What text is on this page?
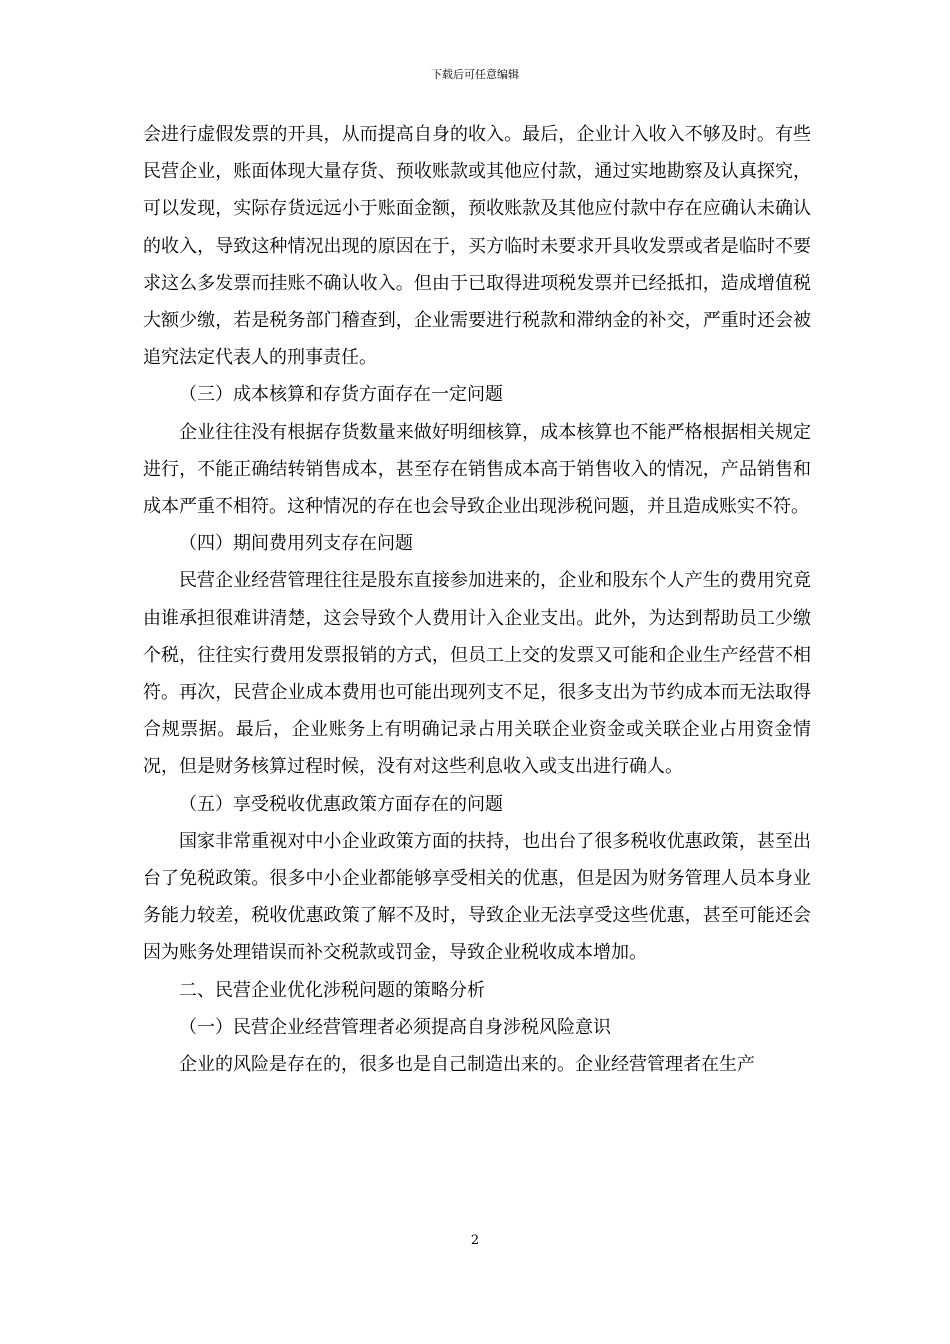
下载后可任意编辑

会进行虚假发票的开具，从而提高自身的收入。最后，企业计入收入不够及时。有些民营企业，账面体现大量存货、预收账款或其他应付款，通过实地勘察及认真探究，可以发现，实际存货远远小于账面金额，预收账款及其他应付款中存在应确认未确认的收入，导致这种情况出现的原因在于，买方临时未要求开具收发票或者是临时不要求这么多发票而挂账不确认收入。但由于已取得进项税发票并已经抵扣，造成增值税大额少缴，若是税务部门稽查到，企业需要进行税款和滞纳金的补交，严重时还会被追究法定代表人的刑事责任。

（三）成本核算和存货方面存在一定问题

企业往往没有根据存货数量来做好明细核算，成本核算也不能严格根据相关规定进行，不能正确结转销售成本，甚至存在销售成本高于销售收入的情况，产品销售和成本严重不相符。这种情况的存在也会导致企业出现涉税问题，并且造成账实不符。

（四）期间费用列支存在问题

民营企业经营管理往往是股东直接参加进来的，企业和股东个人产生的费用究竟由谁承担很难讲清楚，这会导致个人费用计入企业支出。此外，为达到帮助员工少缴个税，往往实行费用发票报销的方式，但员工上交的发票又可能和企业生产经营不相符。再次，民营企业成本费用也可能出现列支不足，很多支出为节约成本而无法取得合规票据。最后，企业账务上有明确记录占用关联企业资金或关联企业占用资金情况，但是财务核算过程时候，没有对这些利息收入或支出进行确人。

（五）享受税收优惠政策方面存在的问题

国家非常重视对中小企业政策方面的扶持，也出台了很多税收优惠政策，甚至出台了免税政策。很多中小企业都能够享受相关的优惠，但是因为财务管理人员本身业务能力较差，税收优惠政策了解不及时，导致企业无法享受这些优惠，甚至可能还会因为账务处理错误而补交税款或罚金，导致企业税收成本增加。

二、民营企业优化涉税问题的策略分析

（一）民营企业经营管理者必须提高自身涉税风险意识

企业的风险是存在的，很多也是自己制造出来的。企业经营管理者在生产

2
